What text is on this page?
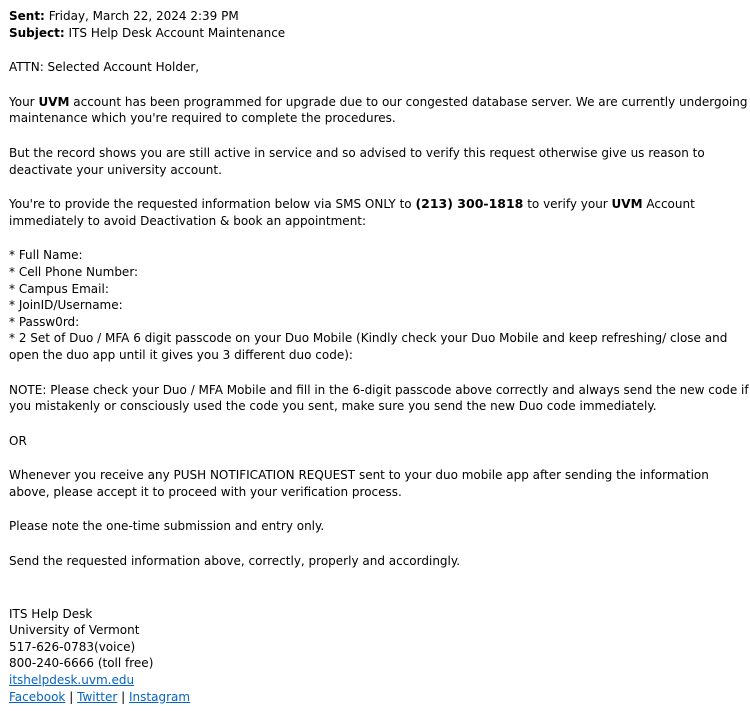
Sent: Friday, March 22, 2024 2:39 PM
Subject: ITS Help Desk Account Maintenance

ATTN: Selected Account Holder,

Your UVM account has been programmed for upgrade due to our congested database server. We are currently undergoing maintenance which you're required to complete the procedures.

But the record shows you are still active in service and so advised to verify this request otherwise give us reason to deactivate your university account.

You're to provide the requested information below via SMS ONLY to (213) 300-1818 to verify your UVM Account immediately to avoid Deactivation & book an appointment:

* Full Name:

* Cell Phone Number:

* Campus Email:

* JoinID/Username:

* Passw0rd:

* 2 Set of Duo / MFA 6 digit passcode on your Duo Mobile (Kindly check your Duo Mobile and keep refreshing/ close and open the duo app until it gives you 3 different duo code):

NOTE: Please check your Duo / MFA Mobile and fill in the 6-digit passcode above correctly and always send the new code if you mistakenly or consciously used the code you sent, make sure you send the new Duo code immediately.

OR

Whenever you receive any PUSH NOTIFICATION REQUEST sent to your duo mobile app after sending the information above, please accept it to proceed with your verification process.

Please note the one-time submission and entry only.

Send the requested information above, correctly, properly and accordingly.

ITS Help Desk

University of Vermont

517-626-0783(voice)

800-240-6666 (toll free)

itshelpdesk.uvm.edu

Facebook | Twitter | Instagram
